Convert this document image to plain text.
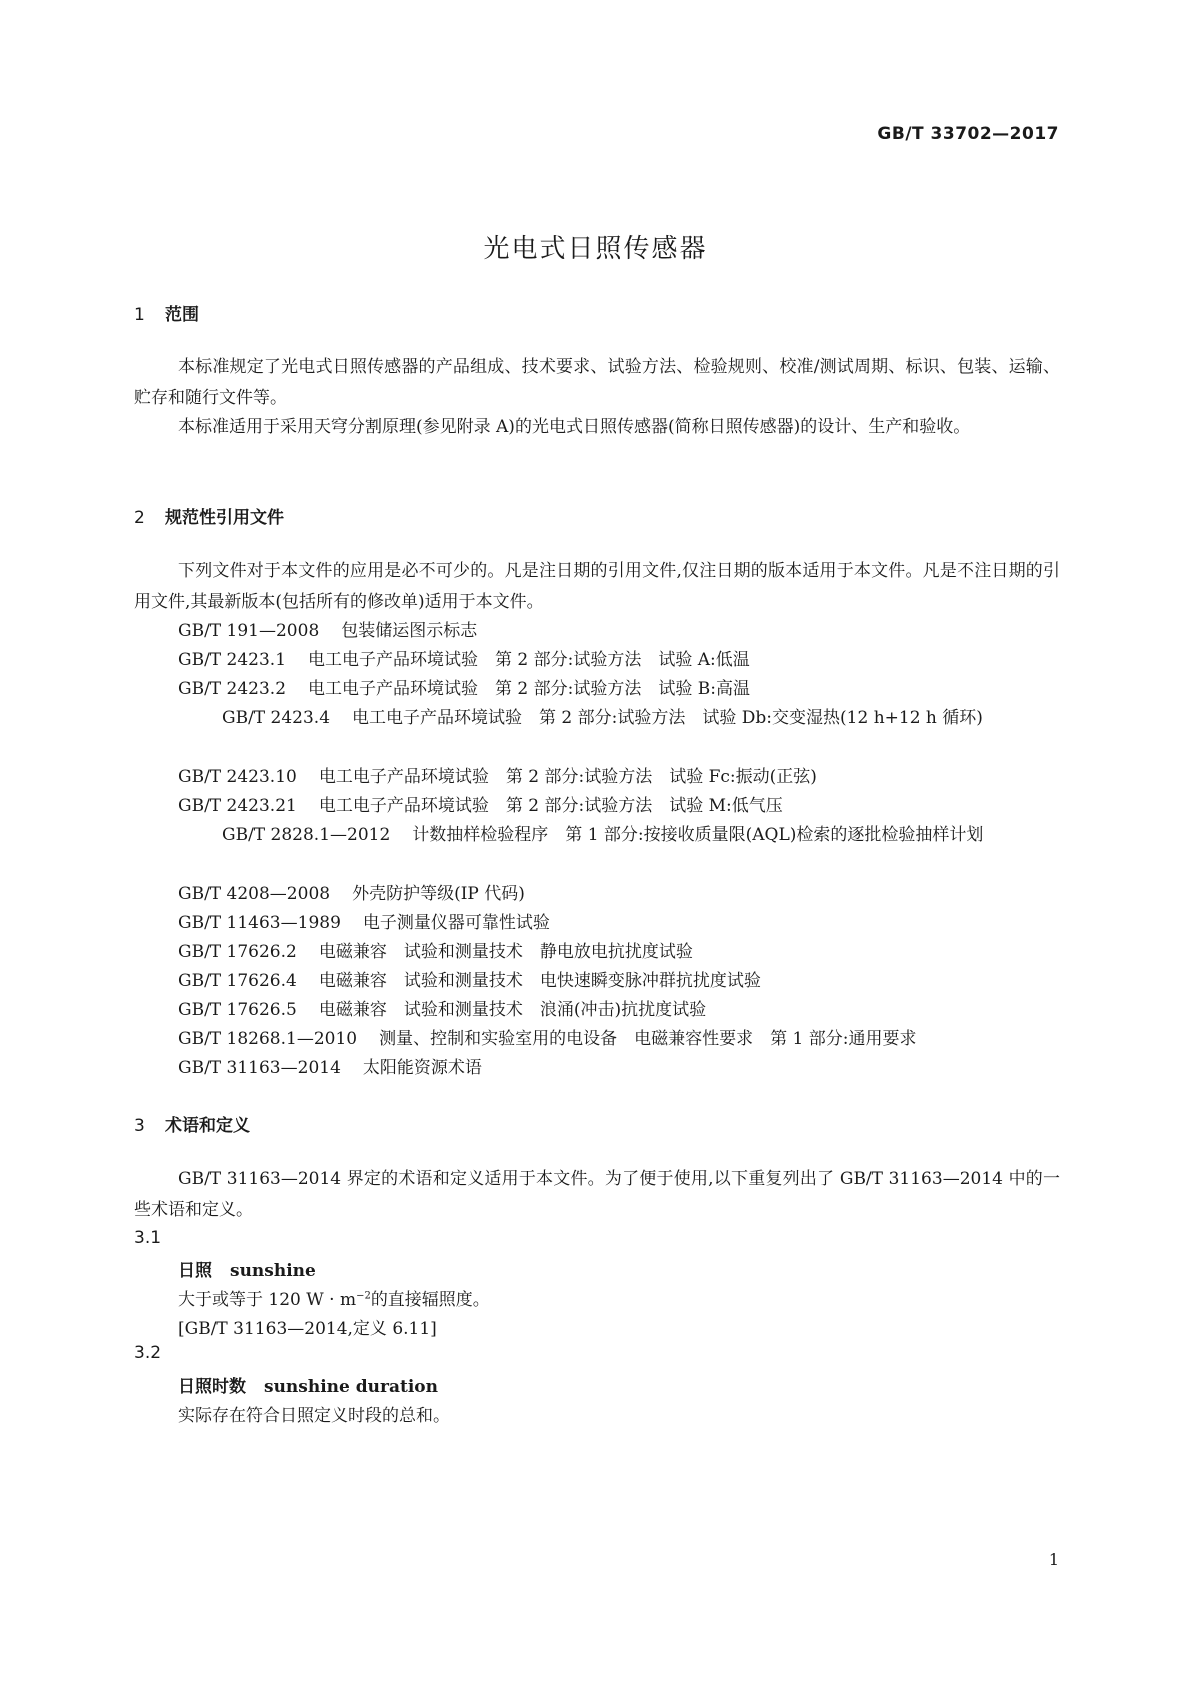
GB/T 33702—2017
光电式日照传感器
1 范围
本标准规定了光电式日照传感器的产品组成、技术要求、试验方法、检验规则、校准/测试周期、标识、包装、运输、贮存和随行文件等。
本标准适用于采用天穹分割原理(参见附录 A)的光电式日照传感器(简称日照传感器)的设计、生产和验收。
2 规范性引用文件
下列文件对于本文件的应用是必不可少的。凡是注日期的引用文件,仅注日期的版本适用于本文件。凡是不注日期的引用文件,其最新版本(包括所有的修改单)适用于本文件。
GB/T 191—2008 包装储运图示标志
GB/T 2423.1 电工电子产品环境试验　第 2 部分:试验方法　试验 A:低温
GB/T 2423.2 电工电子产品环境试验　第 2 部分:试验方法　试验 B:高温
GB/T 2423.4 电工电子产品环境试验　第 2 部分:试验方法　试验 Db:交变湿热(12 h+12 h 循环)
GB/T 2423.10 电工电子产品环境试验　第 2 部分:试验方法　试验 Fc:振动(正弦)
GB/T 2423.21 电工电子产品环境试验　第 2 部分:试验方法　试验 M:低气压
GB/T 2828.1—2012 计数抽样检验程序　第 1 部分:按接收质量限(AQL)检索的逐批检验抽样计划
GB/T 4208—2008 外壳防护等级(IP 代码)
GB/T 11463—1989 电子测量仪器可靠性试验
GB/T 17626.2 电磁兼容　试验和测量技术　静电放电抗扰度试验
GB/T 17626.4 电磁兼容　试验和测量技术　电快速瞬变脉冲群抗扰度试验
GB/T 17626.5 电磁兼容　试验和测量技术　浪涌(冲击)抗扰度试验
GB/T 18268.1—2010 测量、控制和实验室用的电设备　电磁兼容性要求　第 1 部分:通用要求
GB/T 31163—2014 太阳能资源术语
3 术语和定义
GB/T 31163—2014 界定的术语和定义适用于本文件。为了便于使用,以下重复列出了 GB/T 31163—2014 中的一些术语和定义。
3.1
日照 sunshine
大于或等于 120 $W \cdot m^{-2}$的直接辐照度。
[GB/T 31163—2014,定义 6.11]
3.2
日照时数 sunshine duration
实际存在符合日照定义时段的总和。
1
